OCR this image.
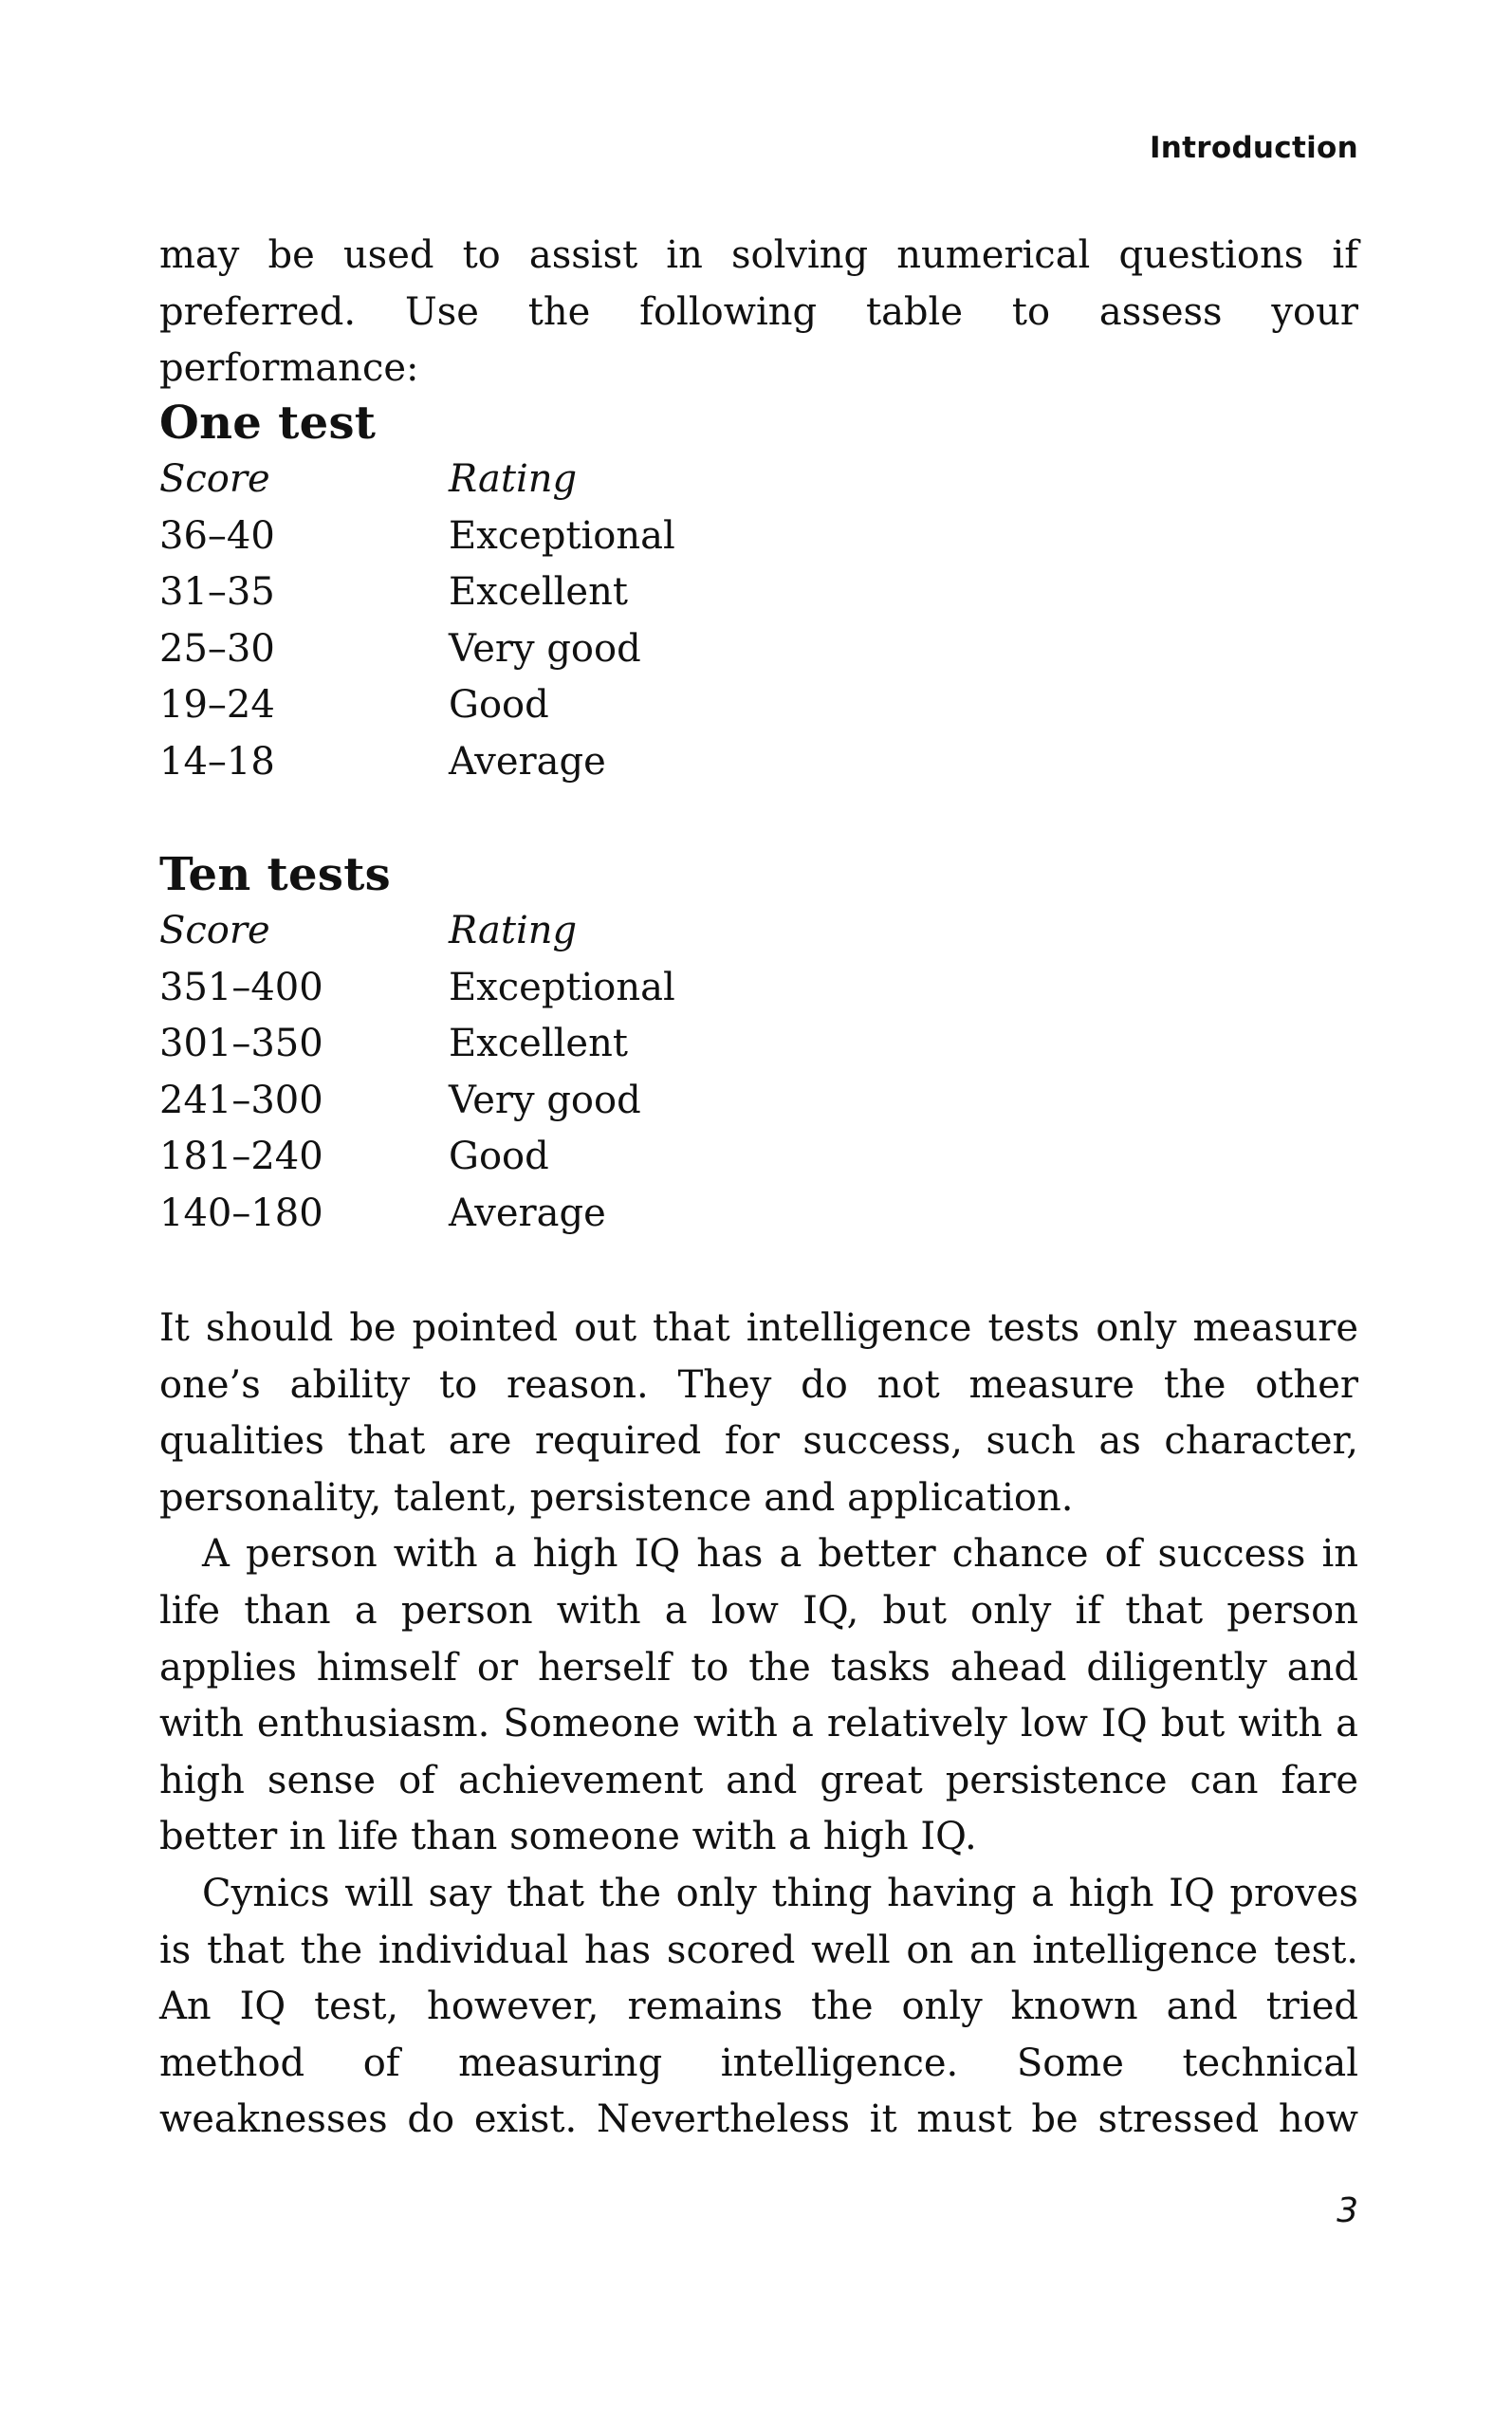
Introduction

may be used to assist in solving numerical questions if preferred. Use the following table to assess your performance:

One test
Score	Rating
36–40	Exceptional
31–35	Excellent
25–30	Very good
19–24	Good
14–18	Average
Ten tests
Score	Rating
351–400	Exceptional
301–350	Excellent
241–300	Very good
181–240	Good
140–180	Average

It should be pointed out that intelligence tests only measure one’s ability to reason. They do not measure the other qualities that are required for success, such as character, personality, talent, persistence and application.

A person with a high IQ has a better chance of success in life than a person with a low IQ, but only if that person applies himself or herself to the tasks ahead diligently and with enthusiasm. Someone with a relatively low IQ but with a high sense of achievement and great persistence can fare better in life than someone with a high IQ.

Cynics will say that the only thing having a high IQ proves is that the individual has scored well on an intelligence test. An IQ test, however, remains the only known and tried method of measuring intelligence. Some technical weaknesses do exist. Nevertheless it must be stressed how

3
